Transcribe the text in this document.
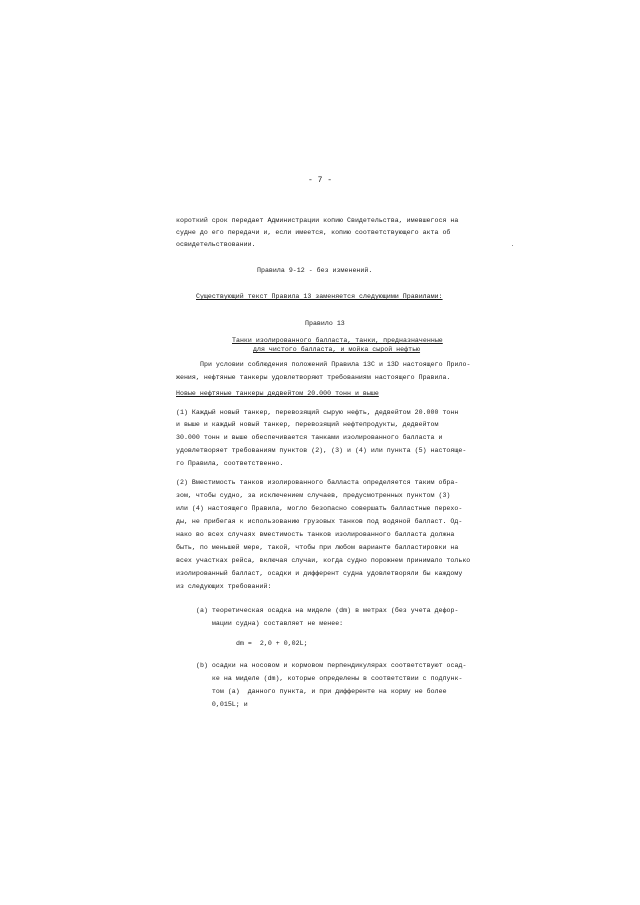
- 7 -
короткий срок передает Администрации копию Свидетельства, имевшегося на
судне до его передачи и, если имеется, копию соответствующего акта об
освидетельствовании.
Правила 9-12 - без изменений.
Существующий текст Правила 13 заменяется следующими Правилами:
Правило 13
Танки изолированного балласта, танки, предназначенные
для чистого балласта, и мойка сырой нефтью
При условии соблюдения положений Правила 13С и 13D настоящего Прило-
жения, нефтяные танкеры удовлетворяют требованиям настоящего Правила.
Новые нефтяные танкеры дедвейтом 20.000 тонн и выше
(1) Каждый новый танкер, перевозящий сырую нефть, дедвейтом 20.000 тонн
и выше и каждый новый танкер, перевозящий нефтепродукты, дедвейтом
30.000 тонн и выше обеспечивается танками изолированного балласта и
удовлетворяет требованиям пунктов (2), (3) и (4) или пункта (5) настояще-
го Правила, соответственно.
(2) Вместимость танков изолированного балласта определяется таким обра-
зом, чтобы судно, за исключением случаев, предусмотренных пунктом (3)
или (4) настоящего Правила, могло безопасно совершать балластные перехо-
ды, не прибегая к использованию грузовых танков под водяной балласт. Од-
нако во всех случаях вместимость танков изолированного балласта должна
быть, по меньшей мере, такой, чтобы при любом варианте балластировки на
всех участках рейса, включая случаи, когда судно порожнем принимало только
изолированный балласт, осадки и дифферент судна удовлетворяли бы каждому
из следующих требований:
(a) теоретическая осадка на миделе (dm) в метрах (без учета дефор-
мации судна) составляет не менее:
dm =  2,0 + 0,02L;
(b) осадки на носовом и кормовом перпендикулярах соответствуют осад-
ке на миделе (dm), которые определены в соответствии с подпунк-
том (a)  данного пункта, и при дифференте на корму не более
0,015L; и
